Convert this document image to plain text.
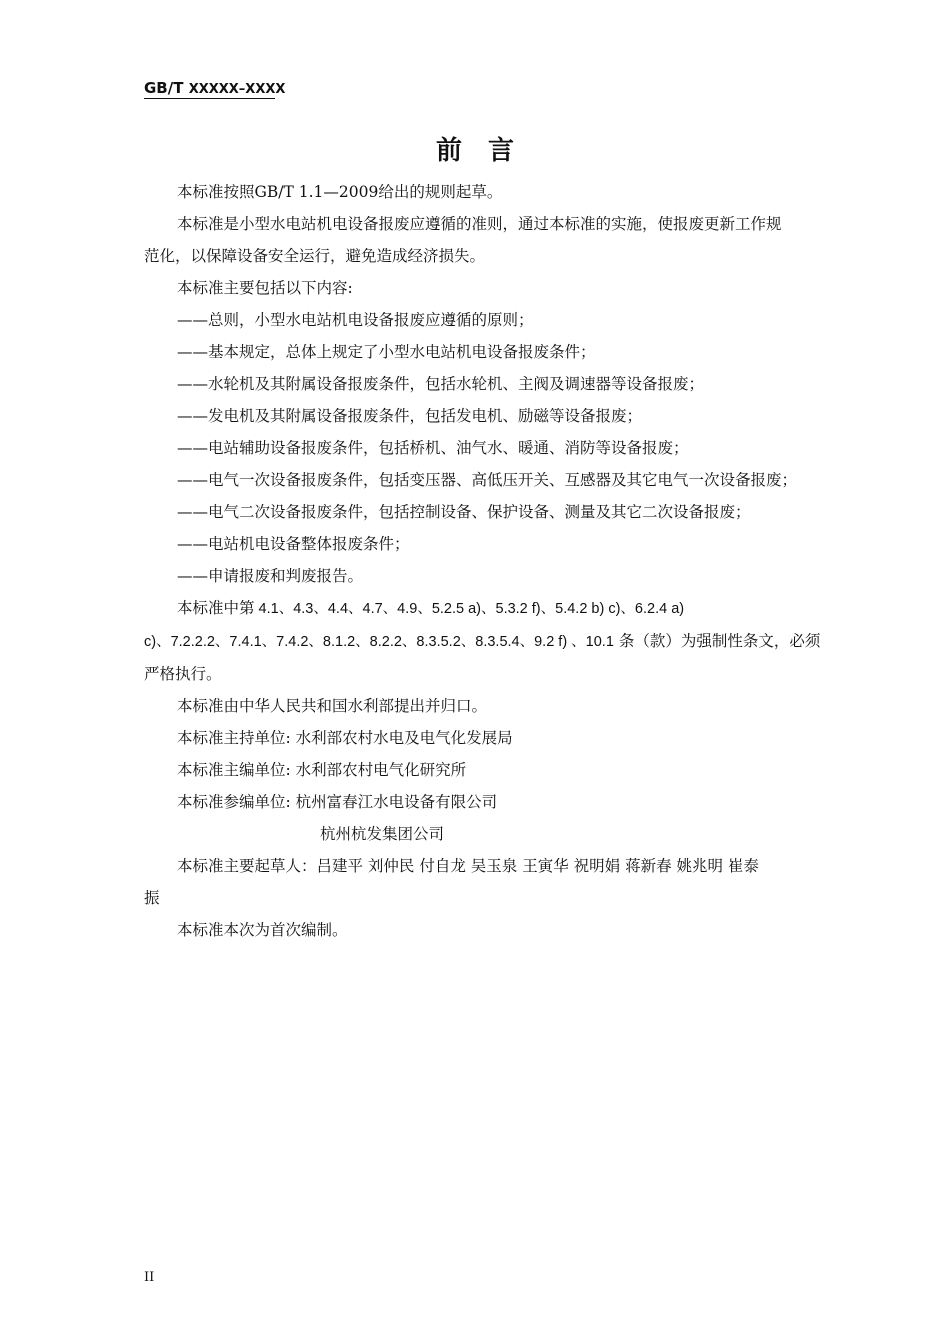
GB/T XXXXX–XXXX
前言

本标准按照GB/T 1.1—2009给出的规则起草。

本标准是小型水电站机电设备报废应遵循的准则，通过本标准的实施，使报废更新工作规

范化，以保障设备安全运行，避免造成经济损失。

本标准主要包括以下内容:

——总则，小型水电站机电设备报废应遵循的原则；

——基本规定，总体上规定了小型水电站机电设备报废条件；

——水轮机及其附属设备报废条件，包括水轮机、主阀及调速器等设备报废；

——发电机及其附属设备报废条件，包括发电机、励磁等设备报废；

——电站辅助设备报废条件，包括桥机、油气水、暖通、消防等设备报废；

——电气一次设备报废条件，包括变压器、高低压开关、互感器及其它电气一次设备报废；

——电气二次设备报废条件，包括控制设备、保护设备、测量及其它二次设备报废；

——电站机电设备整体报废条件；

——申请报废和判废报告。

本标准中第 4.1、4.3、4.4、4.7、4.9、5.2.5 a)、5.3.2 f)、5.4.2 b) c)、6.2.4 a)

c)、7.2.2.2、7.4.1、7.4.2、8.1.2、8.2.2、8.3.5.2、8.3.5.4、9.2 f) 、10.1 条（款）为强制性条文，必须

严格执行。

本标准由中华人民共和国水利部提出并归口。

本标准主持单位: 水利部农村水电及电气化发展局

本标准主编单位: 水利部农村电气化研究所

本标准参编单位: 杭州富春江水电设备有限公司

杭州杭发集团公司

本标准主要起草人：吕建平 刘仲民 付自龙 吴玉泉 王寅华 祝明娟 蒋新春 姚兆明 崔泰

振

本标准本次为首次编制。

II
